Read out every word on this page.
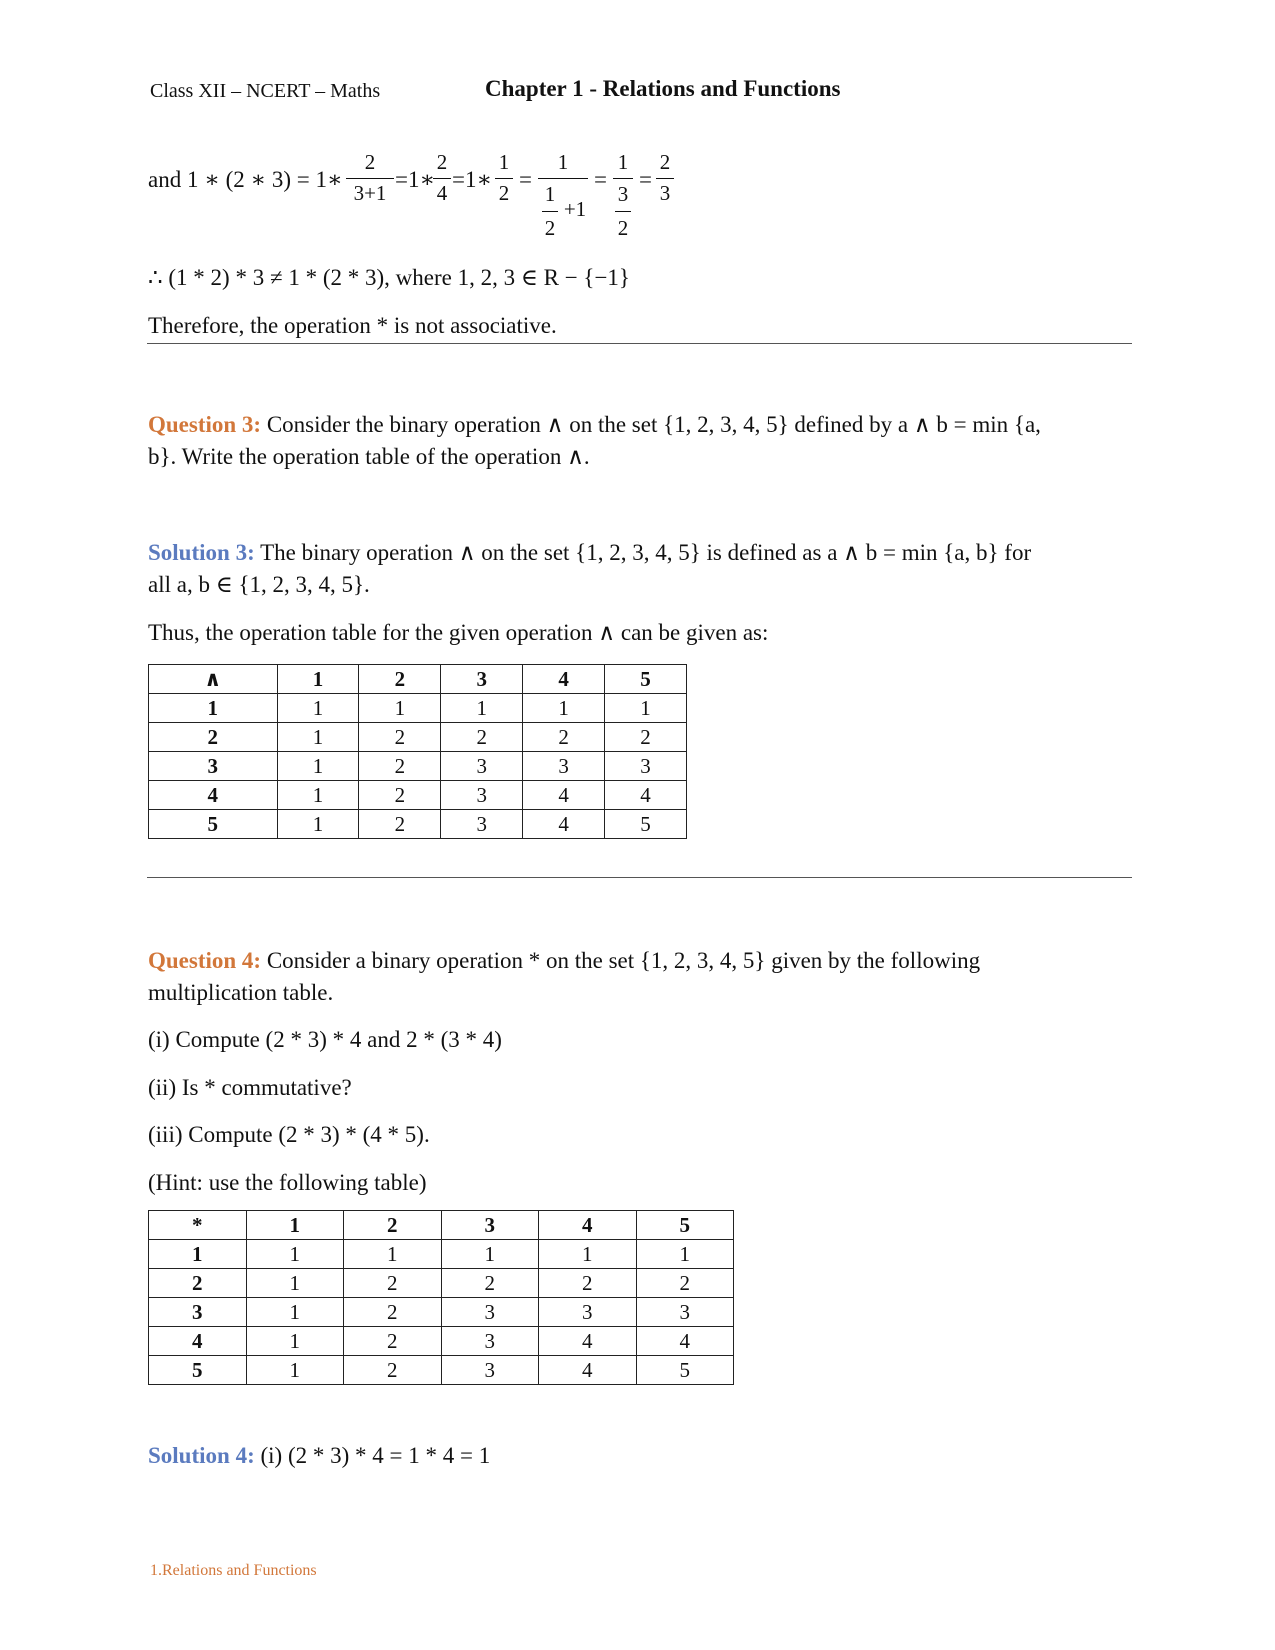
Class XII – NCERT – Maths	Chapter 1 - Relations and Functions
and 1 ∗ (2 ∗ 3) = 1∗
2
3+1
=1∗
2
4
=1∗
1
2
=
1
1
2
+1
=
1
3
2
=
2
3
∴ (1 * 2) * 3 ≠ 1 * (2 * 3), where 1, 2, 3 ∈ R − {−1}
Therefore, the operation * is not associative.
Question 3: Consider the binary operation ∧ on the set {1, 2, 3, 4, 5} defined by a ∧ b = min {a,
b}. Write the operation table of the operation ∧.
Solution 3: The binary operation ∧ on the set {1, 2, 3, 4, 5} is defined as a ∧ b = min {a, b} for
all a, b ∈ {1, 2, 3, 4, 5}.
Thus, the operation table for the given operation ∧ can be given as:
∧	1	2	3	4	5
1	1	1	1	1	1
2	1	2	2	2	2
3	1	2	3	3	3
4	1	2	3	4	4
5	1	2	3	4	5
Question 4: Consider a binary operation * on the set {1, 2, 3, 4, 5} given by the following
multiplication table.
(i) Compute (2 * 3) * 4 and 2 * (3 * 4)
(ii) Is * commutative?
(iii) Compute (2 * 3) * (4 * 5).
(Hint: use the following table)
*	1	2	3	4	5
1	1	1	1	1	1
2	1	2	2	2	2
3	1	2	3	3	3
4	1	2	3	4	4
5	1	2	3	4	5
Solution 4: (i) (2 * 3) * 4 = 1 * 4 = 1
1.Relations and Functions
